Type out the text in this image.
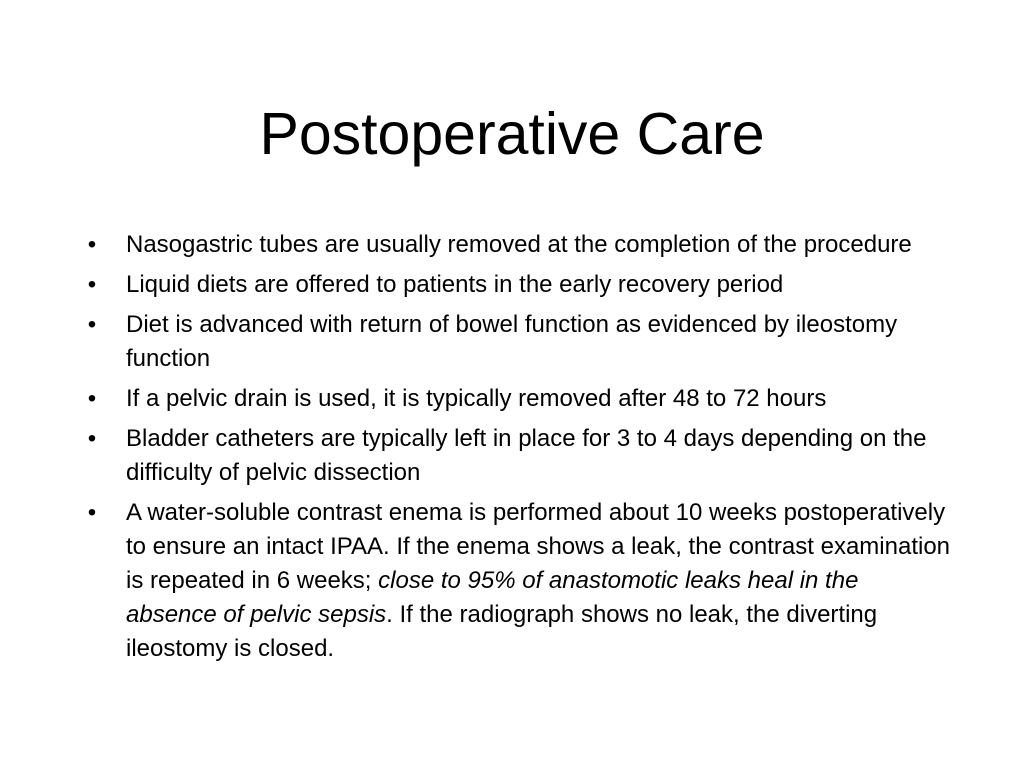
Postoperative Care
• Nasogastric tubes are usually removed at the completion of the procedure
• Liquid diets are offered to patients in the early recovery period
• Diet is advanced with return of bowel function as evidenced by ileostomy function
• If a pelvic drain is used, it is typically removed after 48 to 72 hours
• Bladder catheters are typically left in place for 3 to 4 days depending on the difficulty of pelvic dissection
• A water-soluble contrast enema is performed about 10 weeks postoperatively to ensure an intact IPAA. If the enema shows a leak, the contrast examination is repeated in 6 weeks; close to 95% of anastomotic leaks heal in the absence of pelvic sepsis. If the radiograph shows no leak, the diverting ileostomy is closed.
